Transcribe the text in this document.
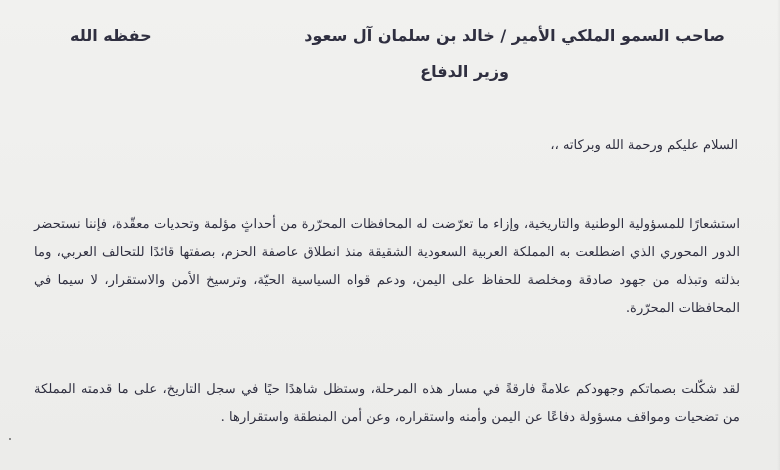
صاحب السمو الملكي الأمير / خالد بن سلمان آل سعود
وزير الدفاع
حفظه الله
السلام عليكم ورحمة الله وبركاته ،،

استشعارًا للمسؤولية الوطنية والتاريخية، وإزاء ما تعرّضت له المحافظات المحرّرة من أحداثٍ مؤلمة وتحديات معقّدة، فإننا نستحضر الدور المحوري الذي اضطلعت به المملكة العربية السعودية الشقيقة منذ انطلاق عاصفة الحزم، بصفتها قائدًا للتحالف العربي، وما بذلته وتبذله من جهود صادقة ومخلصة للحفاظ على اليمن، ودعم قواه السياسية الحيّة، وترسيخ الأمن والاستقرار، لا سيما في المحافظات المحرّرة.

لقد شكّلت بصماتكم وجهودكم علامةً فارقةً في مسار هذه المرحلة، وستظل شاهدًا حيًا في سجل التاريخ، على ما قدمته المملكة من تضحيات ومواقف مسؤولة دفاعًا عن اليمن وأمنه واستقراره، وعن أمن المنطقة واستقرارها .
